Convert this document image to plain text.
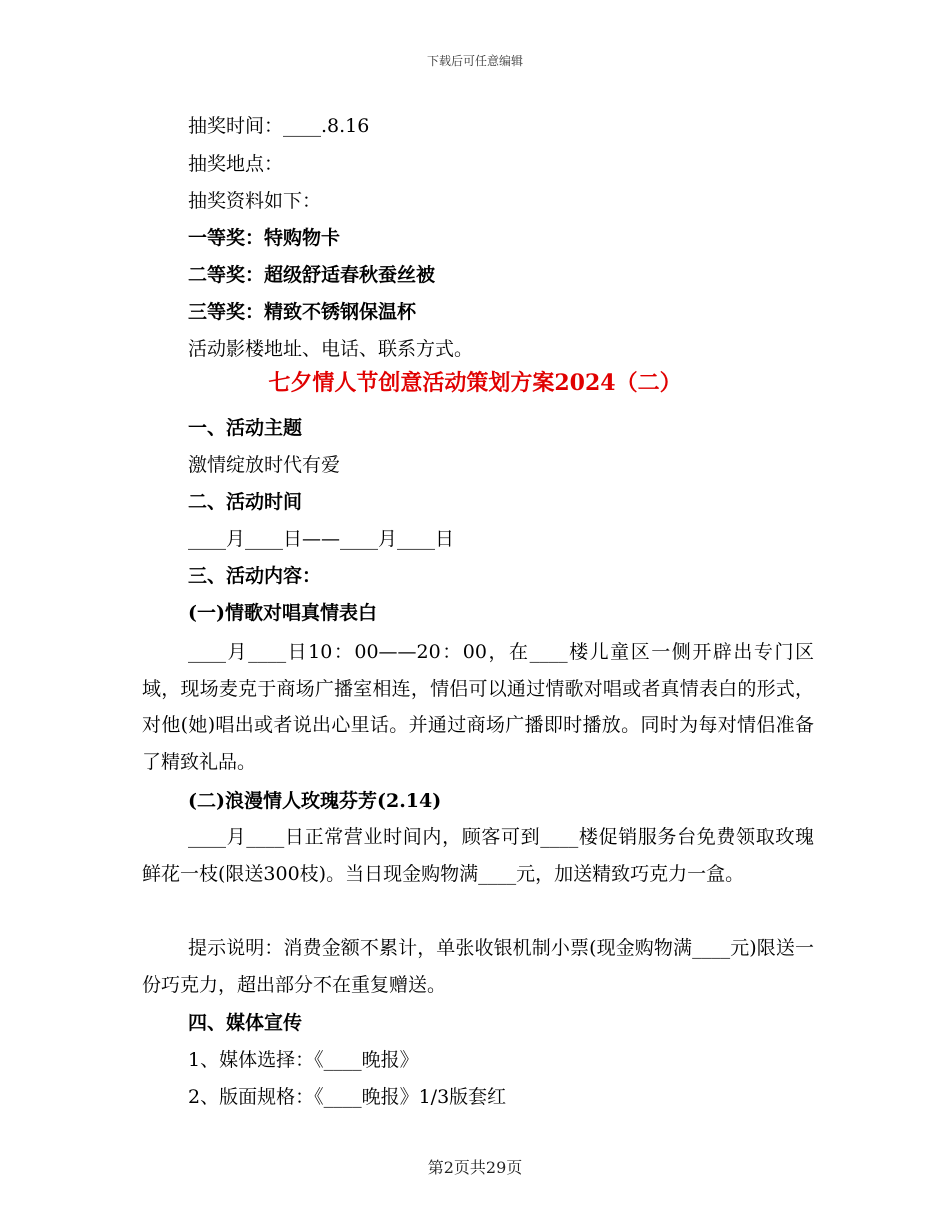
下载后可任意编辑
抽奖时间：____.8.16
抽奖地点：
抽奖资料如下：
一等奖：特购物卡
二等奖：超级舒适春秋蚕丝被
三等奖：精致不锈钢保温杯
活动影楼地址、电话、联系方式。
七夕情人节创意活动策划方案2024（二）
一、活动主题
激情绽放时代有爱
二、活动时间
____月____日——____月____日
三、活动内容：
(一)情歌对唱真情表白
____月____日10：00——20：00，在____楼儿童区一侧开辟出专门区域，现场麦克于商场广播室相连，情侣可以通过情歌对唱或者真情表白的形式，对他(她)唱出或者说出心里话。并通过商场广播即时播放。同时为每对情侣准备了精致礼品。
(二)浪漫情人玫瑰芬芳(2.14)
____月____日正常营业时间内，顾客可到____楼促销服务台免费领取玫瑰鲜花一枝(限送300枝)。当日现金购物满____元，加送精致巧克力一盒。
提示说明：消费金额不累计，单张收银机制小票(现金购物满____元)限送一份巧克力，超出部分不在重复赠送。
四、媒体宣传
1、媒体选择：《____晚报》
2、版面规格：《____晚报》1/3版套红
第2页共29页
